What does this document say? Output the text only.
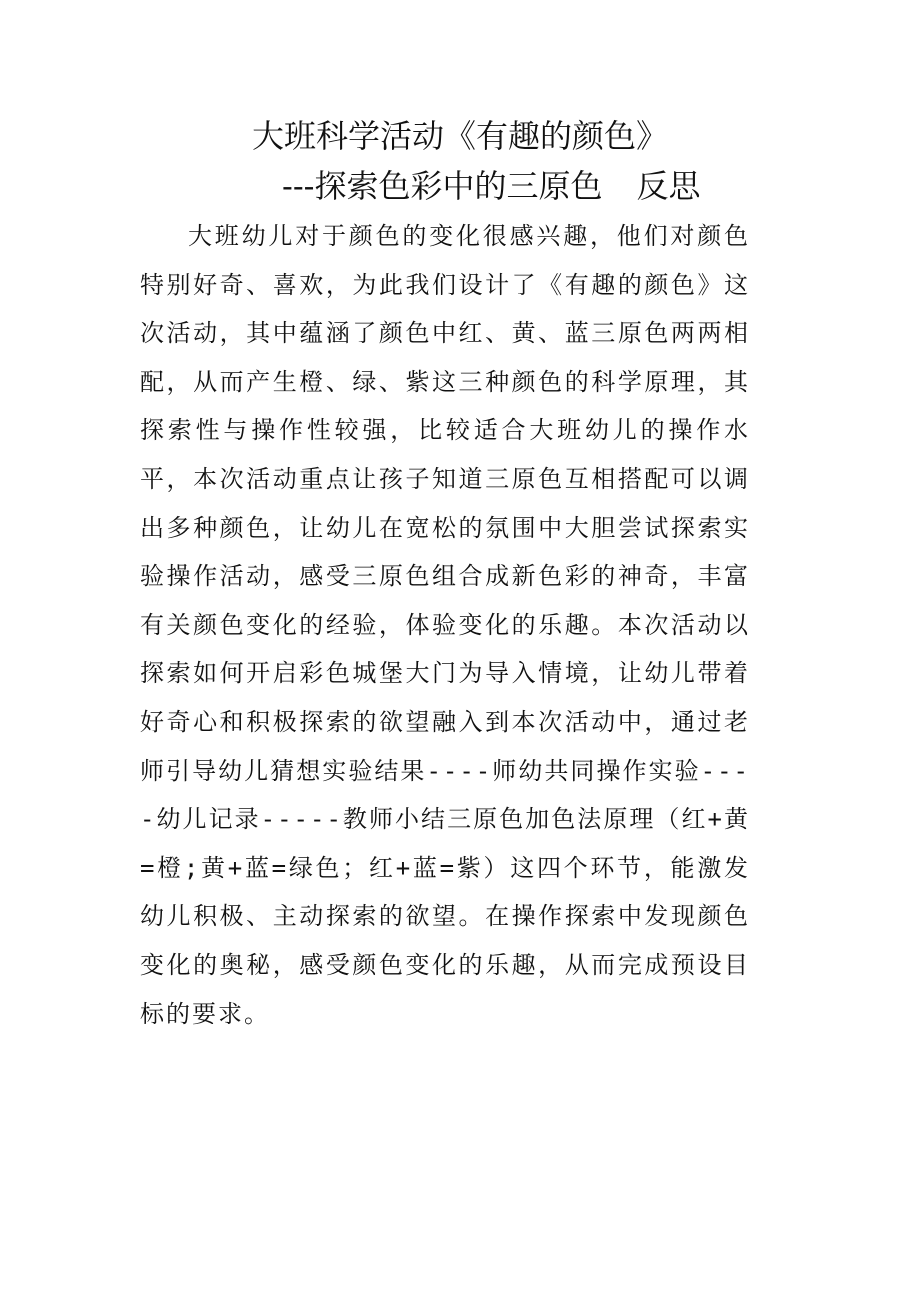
大班科学活动《有趣的颜色》
---探索色彩中的三原色 反思

大班幼儿对于颜色的变化很感兴趣，他们对颜色特别好奇、喜欢，为此我们设计了《有趣的颜色》这次活动，其中蕴涵了颜色中红、黄、蓝三原色两两相配，从而产生橙、绿、紫这三种颜色的科学原理，其探索性与操作性较强，比较适合大班幼儿的操作水平，本次活动重点让孩子知道三原色互相搭配可以调出多种颜色，让幼儿在宽松的氛围中大胆尝试探索实验操作活动，感受三原色组合成新色彩的神奇，丰富有关颜色变化的经验，体验变化的乐趣。本次活动以探索如何开启彩色城堡大门为导入情境，让幼儿带着好奇心和积极探索的欲望融入到本次活动中，通过老师引导幼儿猜想实验结果----师幼共同操作实验----幼儿记录-----教师小结三原色加色法原理（红+黄=橙;黄+蓝=绿色；红+蓝=紫）这四个环节，能激发幼儿积极、主动探索的欲望。在操作探索中发现颜色变化的奥秘，感受颜色变化的乐趣，从而完成预设目标的要求。
